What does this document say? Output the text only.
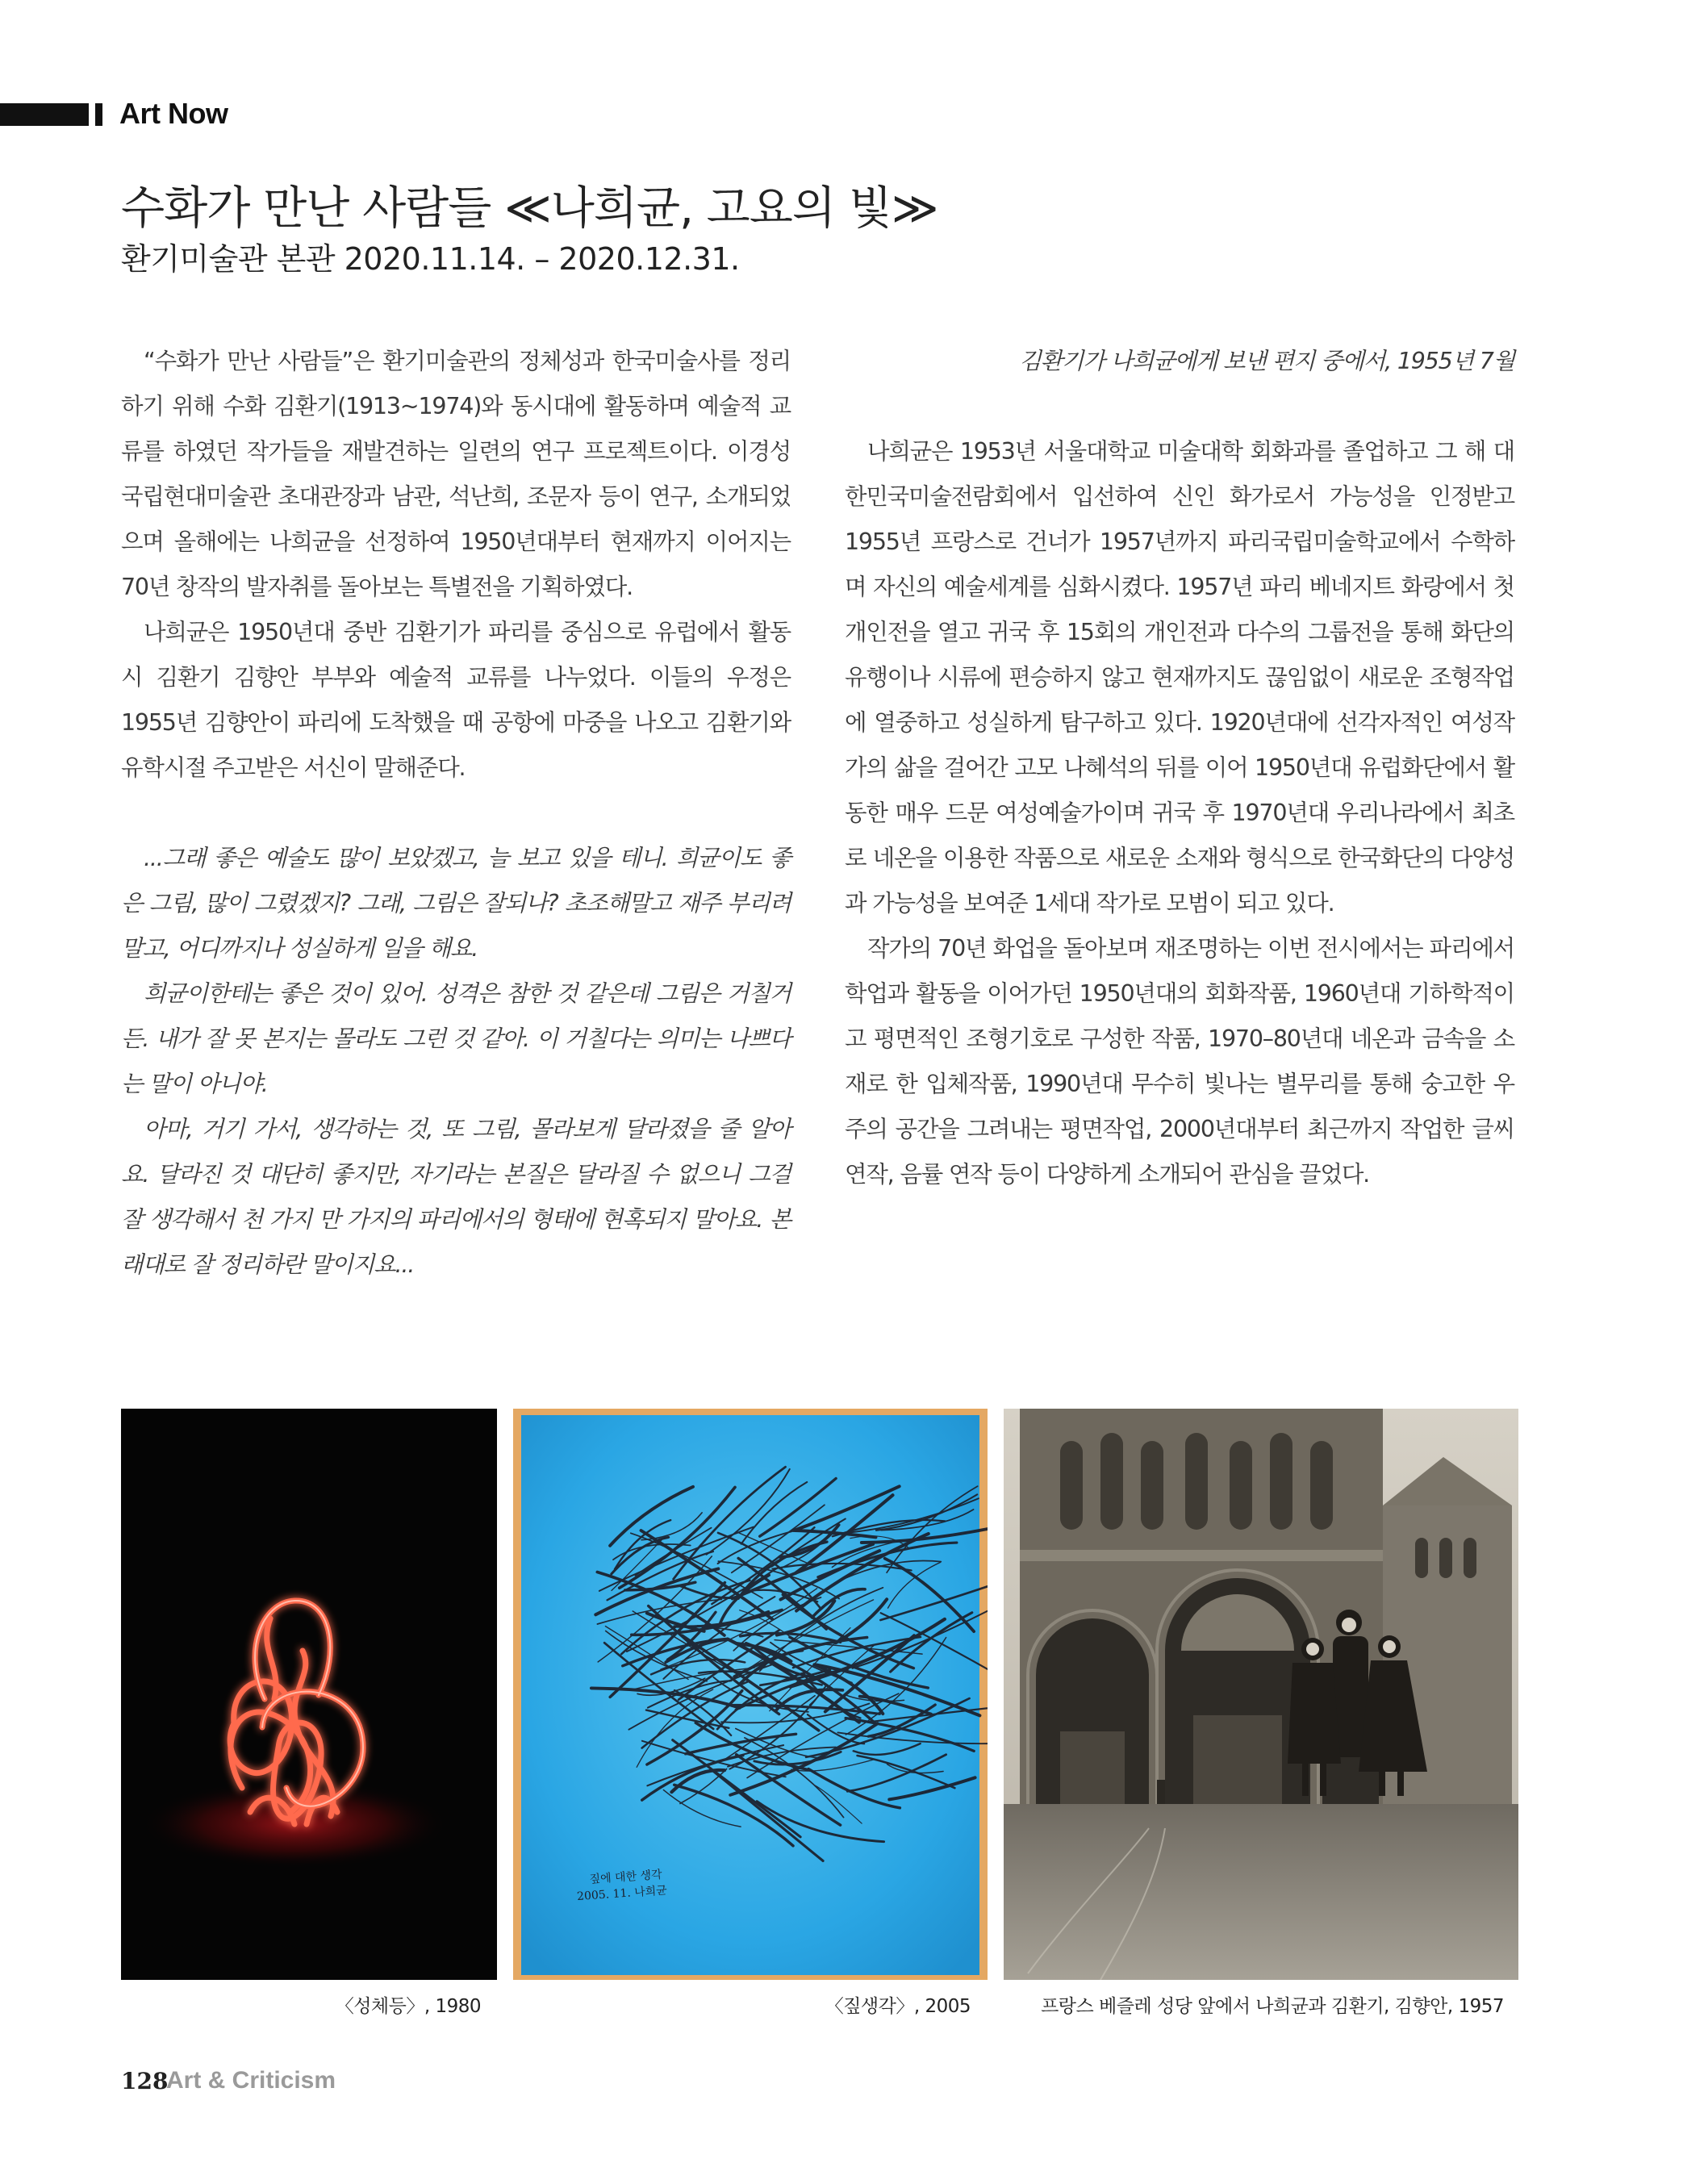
Art Now
수화가 만난 사람들 ≪나희균, 고요의 빛≫
환기미술관 본관 2020.11.14. – 2020.12.31.

“수화가 만난 사람들”은 환기미술관의 정체성과 한국미술사를 정리하기 위해 수화 김환기(1913~1974)와 동시대에 활동하며 예술적 교류를 하였던 작가들을 재발견하는 일련의 연구 프로젝트이다. 이경성 국립현대미술관 초대관장과 남관, 석난희, 조문자 등이 연구, 소개되었으며 올해에는 나희균을 선정하여 1950년대부터 현재까지 이어지는 70년 창작의 발자취를 돌아보는 특별전을 기획하였다.

나희균은 1950년대 중반 김환기가 파리를 중심으로 유럽에서 활동 시 김환기 김향안 부부와 예술적 교류를 나누었다. 이들의 우정은 1955년 김향안이 파리에 도착했을 때 공항에 마중을 나오고 김환기와 유학시절 주고받은 서신이 말해준다.

...그래 좋은 예술도 많이 보았겠고, 늘 보고 있을 테니. 희균이도 좋은 그림, 많이 그렸겠지? 그래, 그림은 잘되나? 초조해말고 재주 부리려 말고, 어디까지나 성실하게 일을 해요.

희균이한테는 좋은 것이 있어. 성격은 참한 것 같은데 그림은 거칠거든. 내가 잘 못 본지는 몰라도 그런 것 같아. 이 거칠다는 의미는 나쁘다는 말이 아니야.

아마, 거기 가서, 생각하는 것, 또 그림, 몰라보게 달라졌을 줄 알아요. 달라진 것 대단히 좋지만, 자기라는 본질은 달라질 수 없으니 그걸 잘 생각해서 천 가지 만 가지의 파리에서의 형태에 현혹되지 말아요. 본래대로 잘 정리하란 말이지요...

김환기가 나희균에게 보낸 편지 중에서, 1955년 7월

나희균은 1953년 서울대학교 미술대학 회화과를 졸업하고 그 해 대한민국미술전람회에서 입선하여 신인 화가로서 가능성을 인정받고 1955년 프랑스로 건너가 1957년까지 파리국립미술학교에서 수학하며 자신의 예술세계를 심화시켰다. 1957년 파리 베네지트 화랑에서 첫 개인전을 열고 귀국 후 15회의 개인전과 다수의 그룹전을 통해 화단의 유행이나 시류에 편승하지 않고 현재까지도 끊임없이 새로운 조형작업에 열중하고 성실하게 탐구하고 있다. 1920년대에 선각자적인 여성작가의 삶을 걸어간 고모 나혜석의 뒤를 이어 1950년대 유럽화단에서 활동한 매우 드문 여성예술가이며 귀국 후 1970년대 우리나라에서 최초로 네온을 이용한 작품으로 새로운 소재와 형식으로 한국화단의 다양성과 가능성을 보여준 1세대 작가로 모범이 되고 있다.

작가의 70년 화업을 돌아보며 재조명하는 이번 전시에서는 파리에서 학업과 활동을 이어가던 1950년대의 회화작품, 1960년대 기하학적이고 평면적인 조형기호로 구성한 작품, 1970–80년대 네온과 금속을 소재로 한 입체작품, 1990년대 무수히 빛나는 별무리를 통해 숭고한 우주의 공간을 그려내는 평면작업, 2000년대부터 최근까지 작업한 글씨 연작, 음률 연작 등이 다양하게 소개되어 관심을 끌었다.

짚에 대한 생각 2005. 11. 나희균
〈성체등〉, 1980	〈짚생각〉, 2005	프랑스 베즐레 성당 앞에서 나희균과 김환기, 김향안, 1957
128
Art & Criticism
